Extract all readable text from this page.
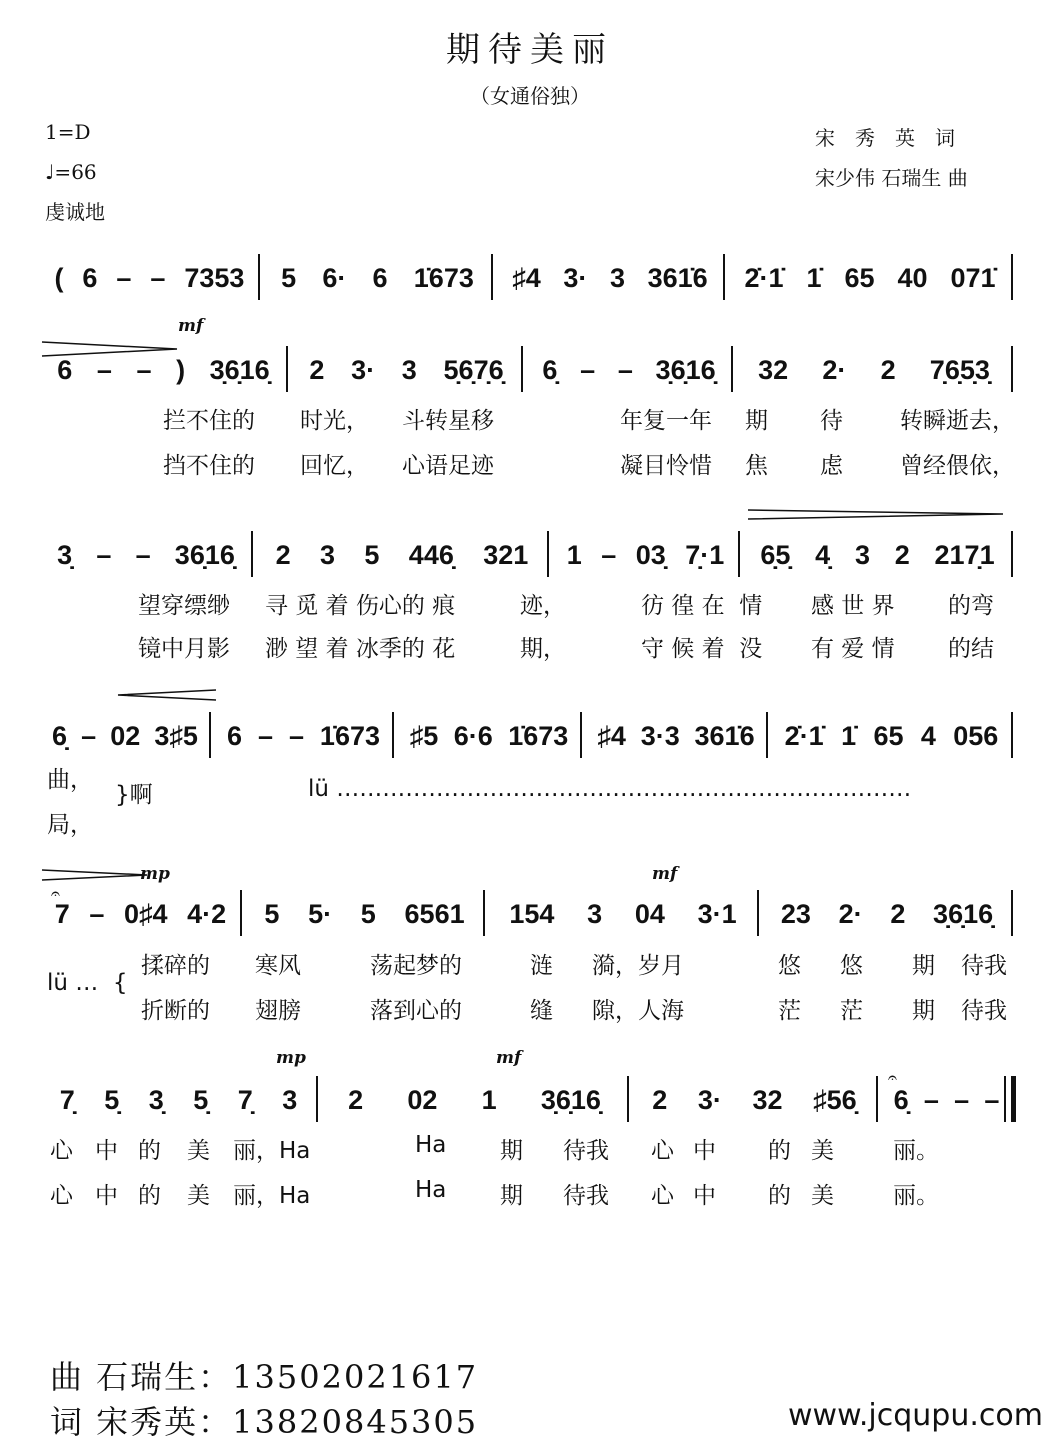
期待美丽
（女通俗独）
1=D
♩=66
虔诚地
宋　秀　英　词
宋少伟 石瑞生 曲
( 6 – – 7353 5 6· 6 1̇673 ♯4 3· 3 361̇6 2̇·1̇ 1̇ 65 40 071̇
6 – – ) 3̣6̣16̣ 2 3· 3 5̣6̣7̣6̣ 6̣ – – 3̣6̣16̣ 32 2· 2 7̣6̣5̣3̣
拦不住的 时光， 斗转星移	年复一年 期 待 转瞬逝去，
挡不住的 回忆， 心语足迹	凝目怜惜 焦 虑 曾经偎依，
3̣ – – 36̣16̣ 2 3 5 446̣ 321 1 – 03̣ 7̣·1 6̣5̣ 4̣ 3 2 217̣1
望穿缥缈 寻 觅 着 伤心的 痕	迹，	彷 徨 在  情 感 世 界 的弯
镜中月影 渺 望 着 冰季的 花	期，	守 候 着  没 有 爱 情 的结
6̣ – 02 3♯5 6 – – 1̇673 ♯5 6·6 1̇673 ♯4 3·3 361̇6 2̇·1̇ 1̇ 65 4 056
曲，
}啊	lü …………………………………………………………………
局，
7 – 0♯4 4·2 5 5· 5 6561 154 3 04 3·1 23 2· 2 3̣6̣16̣
lü …  {
揉碎的 寒风	荡起梦的	涟 漪，岁月	悠 悠 期 待我
折断的 翅膀	落到心的	缝 隙，人海	茫 茫 期 待我
7̣ 5̣ 3̣ 5̣ 7̣ 3 2 02 1 3̣6̣16̣ 2 3· 32 ♯56̣ 6̣ – – –
心 中 的 美 丽，Ha	Ha 期 待我 心 中 的 美	丽。
心 中 的 美 丽，Ha	Ha 期 待我 心 中 的 美	丽。
mf
mp	mf
mp	mf
𝄐
𝄐
曲 石瑞生：13502021617
词 宋秀英：13820845305	www.jcqupu.com
